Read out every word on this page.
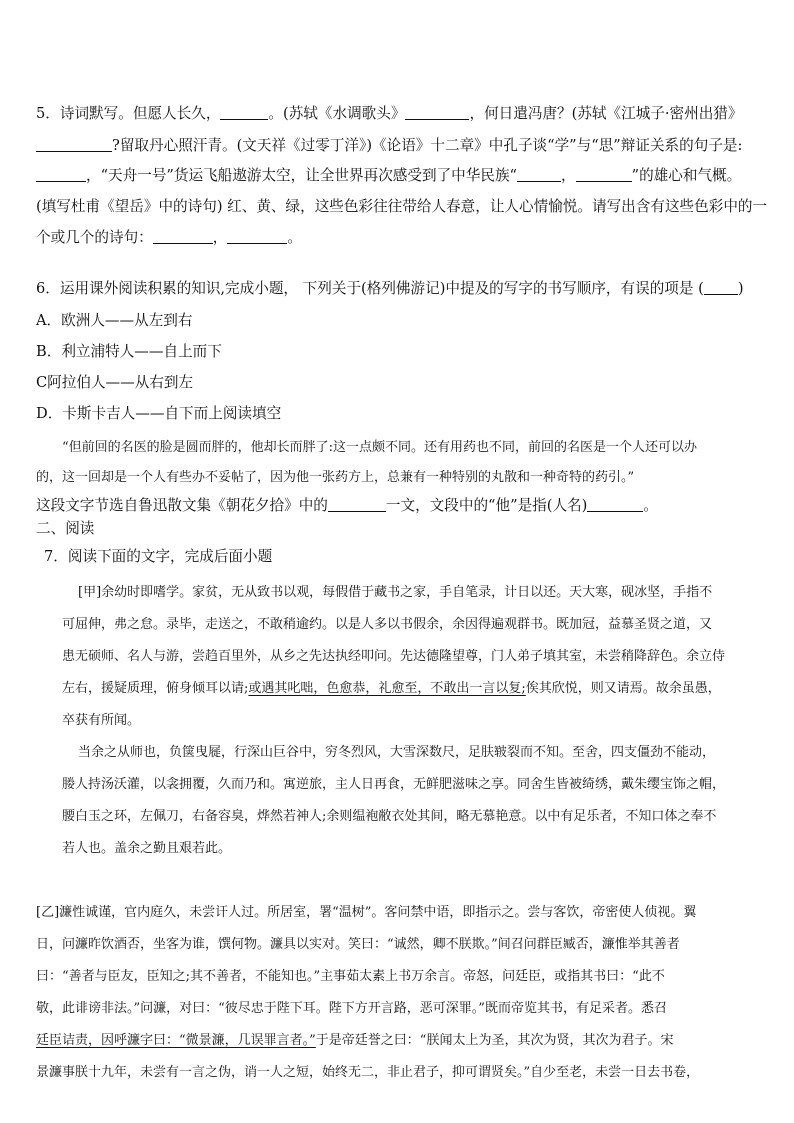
5．诗词默写。但愿人长久，	。(苏轼《水调歌头》	，何日遣冯唐？(苏轼《江城子·密州出猎》
?留取丹心照汗青。(文天祥《过零丁洋》)《论语》十二章》中孔子谈“学”与“思”辩证关系的句子是:
，“天舟一号”货运飞船遨游太空，让全世界再次感受到了中华民族“	，	”的雄心和气概。
(填写杜甫《望岳》中的诗句) 红、黄、绿，这些色彩往往带给人春意，让人心情愉悦。请写出含有这些色彩中的一
个或几个的诗句：	，	。
6．运用课外阅读积累的知识,完成小题， 下列关于(格列佛游记)中提及的写字的书写顺序，有误的项是 ( )
A．欧洲人——从左到右
B．利立浦特人——自上而下
C阿拉伯人——从右到左
D．卡斯卡吉人——自下而上阅读填空
“但前回的名医的脸是圆而胖的，他却长而胖了:这一点颇不同。还有用药也不同，前回的名医是一个人还可以办
的，这一回却是一个人有些办不妥帖了，因为他一张药方上，总兼有一种特别的丸散和一种奇特的药引。”
这段文字节选自鲁迅散文集《朝花夕拾》中的	一文，文段中的“他”是指(人名)	。
二、阅读
7．阅读下面的文字，完成后面小题
[甲]余幼时即嗜学。家贫，无从致书以观，每假借于藏书之家，手自笔录，计日以还。天大寒，砚冰坚，手指不
可屈伸，弗之怠。录毕，走送之，不敢稍逾约。以是人多以书假余，余因得遍观群书。既加冠，益慕圣贤之道，又
患无硕师、名人与游，尝趋百里外，从乡之先达执经叩问。先达德隆望尊，门人弟子填其室，未尝稍降辞色。余立侍
左右，援疑质理，俯身倾耳以请;或遇其叱咄，色愈恭，礼愈至，不敢出一言以复;俟其欣悦，则又请焉。故余虽愚，
卒获有所闻。
当余之从师也，负箧曳屣，行深山巨谷中，穷冬烈风，大雪深数尺，足肤皲裂而不知。至舍，四支僵劲不能动，
媵人持汤沃灌，以衾拥覆，久而乃和。寓逆旅，主人日再食，无鲜肥滋味之享。同舍生皆被绮绣，戴朱缨宝饰之帽，
腰白玉之环，左佩刀，右备容臭，烨然若神人;余则缊袍敝衣处其间，略无慕艳意。以中有足乐者，不知口体之奉不
若人也。盖余之勤且艰若此。
[乙]濂性诚谨，官内庭久，未尝讦人过。所居室，署“温树”。客问禁中语，即指示之。尝与客饮，帝密使人侦视。翼
日，问濂昨饮酒否，坐客为谁，馔何物。濂具以实对。笑曰：“诚然，卿不朕欺。”间召问群臣臧否，濂惟举其善者
曰：“善者与臣友，臣知之;其不善者，不能知也。”主事茹太素上书万余言。帝怒，问廷臣，或指其书曰：“此不
敬，此诽谤非法。”问濂，对曰：“彼尽忠于陛下耳。陛下方开言路，恶可深罪。”既而帝览其书，有足采者。悉召
廷臣诘责，因呼濂字曰：“微景濂，几误罪言者。”于是帝廷誉之曰：“朕闻太上为圣，其次为贤，其次为君子。宋
景濂事朕十九年，未尝有一言之伪，诮一人之短，始终无二，非止君子，抑可谓贤矣。”自少至老，未尝一日去书卷，
